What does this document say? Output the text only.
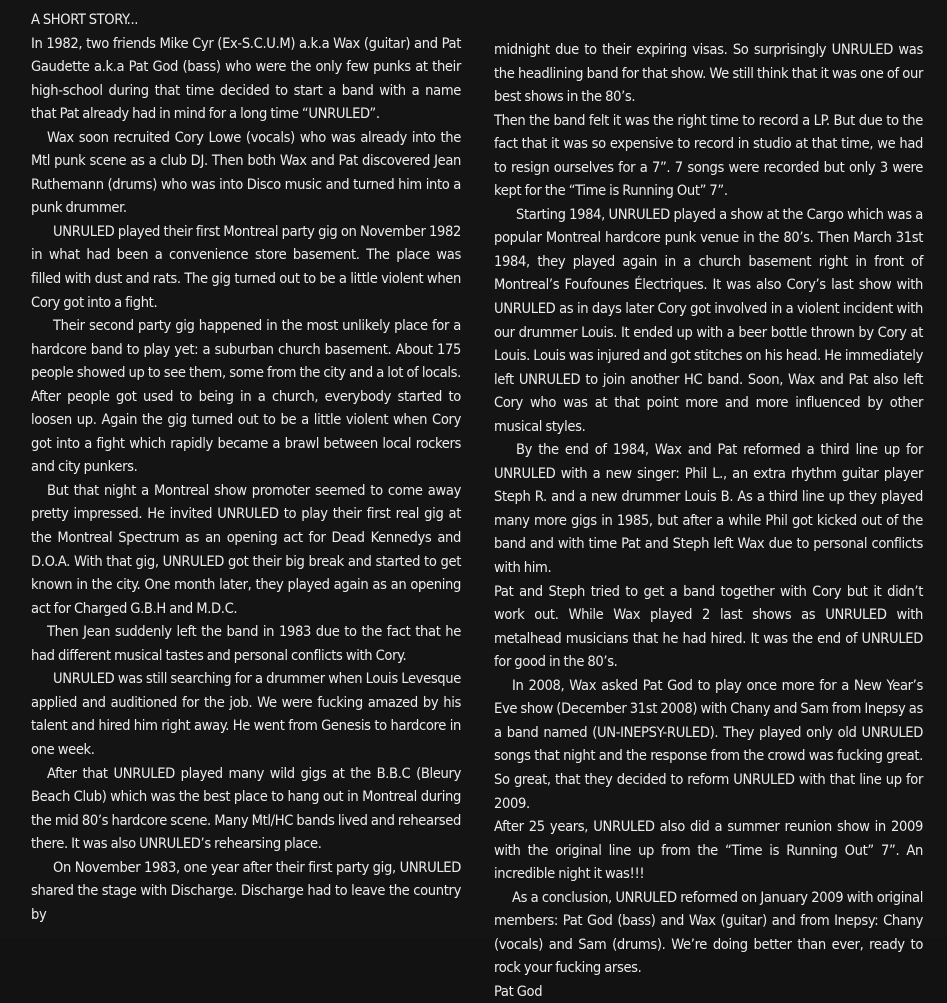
A SHORT STORY...

In 1982, two friends Mike Cyr (Ex-S.C.U.M) a.k.a Wax (guitar) and Pat Gaudette a.k.a Pat God (bass) who were the only few punks at their high-school during that time decided to start a band with a name that Pat already had in mind for a long time “UNRULED”.

Wax soon recruited Cory Lowe (vocals) who was already into the Mtl punk scene as a club DJ. Then both Wax and Pat discovered Jean Ruthemann (drums) who was into Disco music and turned him into a punk drummer.

UNRULED played their first Montreal party gig on November 1982 in what had been a convenience store basement. The place was filled with dust and rats. The gig turned out to be a little violent when Cory got into a fight.

Their second party gig happened in the most unlikely place for a hardcore band to play yet: a suburban church basement. About 175 people showed up to see them, some from the city and a lot of locals. After people got used to being in a church, everybody started to loosen up. Again the gig turned out to be a little violent when Cory got into a fight which rapidly became a brawl between local rockers and city punkers.

But that night a Montreal show promoter seemed to come away pretty impressed. He invited UNRULED to play their first real gig at the Montreal Spectrum as an opening act for Dead Kennedys and D.O.A. With that gig, UNRULED got their big break and started to get known in the city. One month later, they played again as an opening act for Charged G.B.H and M.D.C.

Then Jean suddenly left the band in 1983 due to the fact that he had different musical tastes and personal conflicts with Cory.

UNRULED was still searching for a drummer when Louis Levesque applied and auditioned for the job. We were fucking amazed by his talent and hired him right away. He went from Genesis to hardcore in one week.

After that UNRULED played many wild gigs at the B.B.C (Bleury Beach Club) which was the best place to hang out in Montreal during the mid 80’s hardcore scene. Many Mtl/HC bands lived and rehearsed there. It was also UNRULED’s rehearsing place.

On November 1983, one year after their first party gig, UNRULED shared the stage with Discharge. Discharge had to leave the country by

midnight due to their expiring visas. So surprisingly UNRULED was the headlining band for that show. We still think that it was one of our best shows in the 80’s.

Then the band felt it was the right time to record a LP. But due to the fact that it was so expensive to record in studio at that time, we had to resign ourselves for a 7”. 7 songs were recorded but only 3 were kept for the “Time is Running Out” 7”.

Starting 1984, UNRULED played a show at the Cargo which was a popular Montreal hardcore punk venue in the 80’s. Then March 31st 1984, they played again in a church basement right in front of Montreal’s Foufounes Électriques. It was also Cory’s last show with UNRULED as in days later Cory got involved in a violent incident with our drummer Louis. It ended up with a beer bottle thrown by Cory at Louis. Louis was injured and got stitches on his head. He immediately left UNRULED to join another HC band. Soon, Wax and Pat also left Cory who was at that point more and more influenced by other musical styles.

By the end of 1984, Wax and Pat reformed a third line up for UNRULED with a new singer: Phil L., an extra rhythm guitar player Steph R. and a new drummer Louis B. As a third line up they played many more gigs in 1985, but after a while Phil got kicked out of the band and with time Pat and Steph left Wax due to personal conflicts with him.

Pat and Steph tried to get a band together with Cory but it didn’t work out. While Wax played 2 last shows as UNRULED with metalhead musicians that he had hired. It was the end of UNRULED for good in the 80’s.

In 2008, Wax asked Pat God to play once more for a New Year’s Eve show (December 31st 2008) with Chany and Sam from Inepsy as a band named (UN-INEPSY-RULED). They played only old UNRULED songs that night and the response from the crowd was fucking great. So great, that they decided to reform UNRULED with that line up for 2009.

After 25 years, UNRULED also did a summer reunion show in 2009 with the original line up from the “Time is Running Out” 7”. An incredible night it was!!!

As a conclusion, UNRULED reformed on January 2009 with original members: Pat God (bass) and Wax (guitar) and from Inepsy: Chany (vocals) and Sam (drums). We’re doing better than ever, ready to rock your fucking arses.

Pat God
